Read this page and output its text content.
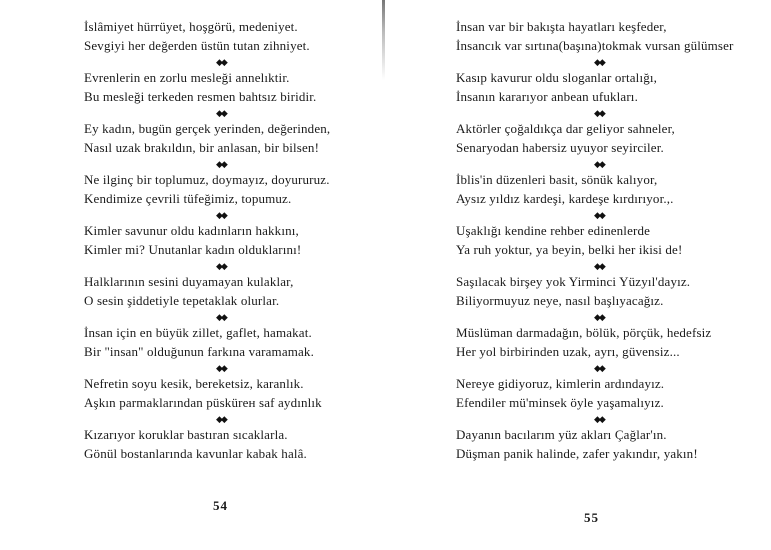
İslâmiyet hürrüyet, hoşgörü, medeniyet.
Sevgiyi her değerden üstün tutan zihniyet.
◆◆
Evrenlerin en zorlu mesleği annelıktir.
Bu mesleği terkeden resmen bahtsız biridir.
◆◆
Ey kadın, bugün gerçek yerinden, değerinden,
Nasıl uzak brakıldın, bir anlasan, bir bilsen!
◆◆
Ne ilginç bir toplumuz, doymayız, doyururuz.
Kendimize çevrili tüfeğimiz, topumuz.
◆◆
Kimler savunur oldu kadınların hakkını,
Kimler mi? Unutanlar kadın olduklarını!
◆◆
Halklarının sesini duyamayan kulaklar,
O sesin şiddetiyle tepetaklak olurlar.
◆◆
İnsan için en büyük zillet, gaflet, hamakat.
Bir "insan" olduğunun farkına varamamak.
◆◆
Nefretin soyu kesik, bereketsiz, karanlık.
Aşkın parmaklarından püskürен saf aydınlık
◆◆
Kızarıyor koruklar bastıran sıcaklarla.
Gönül bostanlarında kavunlar kabak halâ.
54
İnsan var bir bakışta hayatları keşfeder,
İnsancık var sırtına(başına)tokmak vursan gülümser
◆◆
Kasıp kavurur oldu sloganlar ortalığı,
İnsanın kararıyor anbean ufukları.
◆◆
Aktörler çoğaldıkça dar geliyor sahneler,
Senaryodan habersiz uyuyor seyirciler.
◆◆
İblis'in düzenleri basit, sönük kalıyor,
Aysız yıldız kardeşi, kardeşe kırdırıyor.,.
◆◆
Uşaklığı kendine rehber edinenlerde
Ya ruh yoktur, ya beyin, belki her ikisi de!
◆◆
Saşılacak birşey yok Yirminci Yüzyıl'dayız.
Biliyormuyuz neye, nasıl başlıyacağız.
◆◆
Müslüman darmadağın, bölük, pörçük, hedefsiz
Her yol birbirinden uzak, ayrı, güvensiz...
◆◆
Nereye gidiyoruz, kimlerin ardındayız.
Efendiler mü'minsek öyle yaşamalıyız.
◆◆
Dayanın bacılarım yüz akları Çağlar'ın.
Düşman panik halinde, zafer yakındır, yakın!
55
